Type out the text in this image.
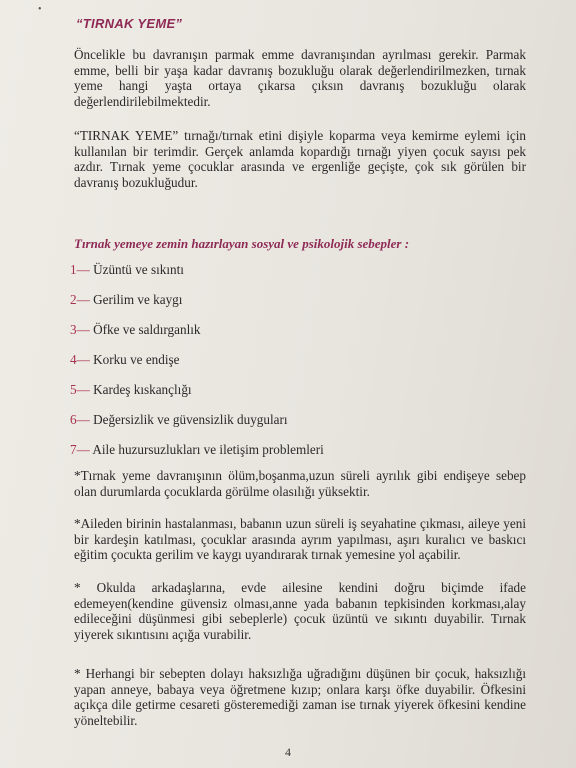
•
“TIRNAK YEME”

Öncelikle bu davranışın parmak emme davranışından ayrılması gerekir. Parmak emme, belli bir yaşa kadar davranış bozukluğu olarak değerlendirilmezken, tırnak yeme hangi yaşta ortaya çıkarsa çıksın davranış bozukluğu olarak değerlendirilebilmektedir.

“TIRNAK YEME” tırnağı/tırnak etini dişiyle koparma veya kemirme eylemi için kullanılan bir terimdir. Gerçek anlamda kopardığı tırnağı yiyen çocuk sayısı pek azdır. Tırnak yeme çocuklar arasında ve ergenliğe geçişte, çok sık görülen bir davranış bozukluğudur.

Tırnak yemeye zemin hazırlayan sosyal ve psikolojik sebepler :
1— Üzüntü ve sıkıntı
2— Gerilim ve kaygı
3— Öfke ve saldırganlık
4— Korku ve endişe
5— Kardeş kıskançlığı
6— Değersizlik ve güvensizlik duyguları
7— Aile huzursuzlukları ve iletişim problemleri

*Tırnak yeme davranışının ölüm,boşanma,uzun süreli ayrılık gibi endişeye sebep olan durumlarda çocuklarda görülme olasılığı yüksektir.

*Aileden birinin hastalanması, babanın uzun süreli iş seyahatine çıkması, aileye yeni bir kardeşin katılması, çocuklar arasında ayrım yapılması, aşırı kuralıcı ve baskıcı eğitim çocukta gerilim ve kaygı uyandırarak tırnak yemesine yol açabilir.

* Okulda arkadaşlarına, evde ailesine kendini doğru biçimde ifade edemeyen(kendine güvensiz olması,anne yada babanın tepkisinden korkması,alay edileceğini düşünmesi gibi sebeplerle) çocuk üzüntü ve sıkıntı duyabilir. Tırnak yiyerek sıkıntısını açığa vurabilir.

* Herhangi bir sebepten dolayı haksızlığa uğradığını düşünen bir çocuk, haksızlığı yapan anneye, babaya veya öğretmene kızıp; onlara karşı öfke duyabilir. Öfkesini açıkça dile getirme cesareti gösteremediği zaman ise tırnak yiyerek öfkesini kendine yöneltebilir.

4
